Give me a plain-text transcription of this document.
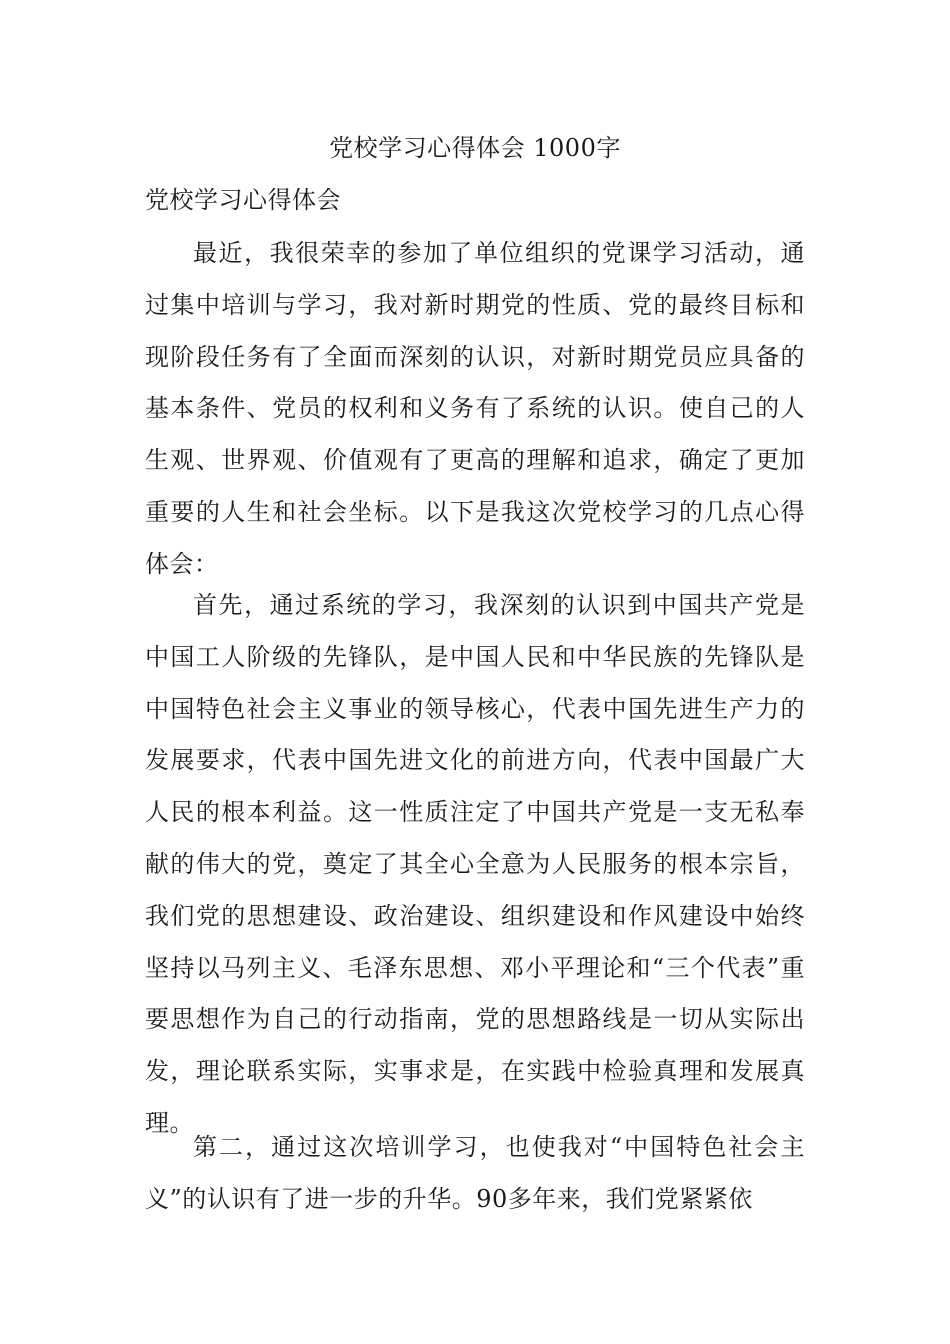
党校学习心得体会 1000字
党校学习心得体会

最近，我很荣幸的参加了单位组织的党课学习活动，通过集中培训与学习，我对新时期党的性质、党的最终目标和现阶段任务有了全面而深刻的认识，对新时期党员应具备的基本条件、党员的权利和义务有了系统的认识。使自己的人生观、世界观、价值观有了更高的理解和追求，确定了更加重要的人生和社会坐标。以下是我这次党校学习的几点心得体会：

首先，通过系统的学习，我深刻的认识到中国共产党是中国工人阶级的先锋队，是中国人民和中华民族的先锋队是中国特色社会主义事业的领导核心，代表中国先进生产力的发展要求，代表中国先进文化的前进方向，代表中国最广大人民的根本利益。这一性质注定了中国共产党是一支无私奉献的伟大的党，奠定了其全心全意为人民服务的根本宗旨，我们党的思想建设、政治建设、组织建设和作风建设中始终坚持以马列主义、毛泽东思想、邓小平理论和“三个代表”重要思想作为自己的行动指南，党的思想路线是一切从实际出发，理论联系实际，实事求是，在实践中检验真理和发展真理。

第二，通过这次培训学习，也使我对“中国特色社会主义”的认识有了进一步的升华。90多年来，我们党紧紧依
